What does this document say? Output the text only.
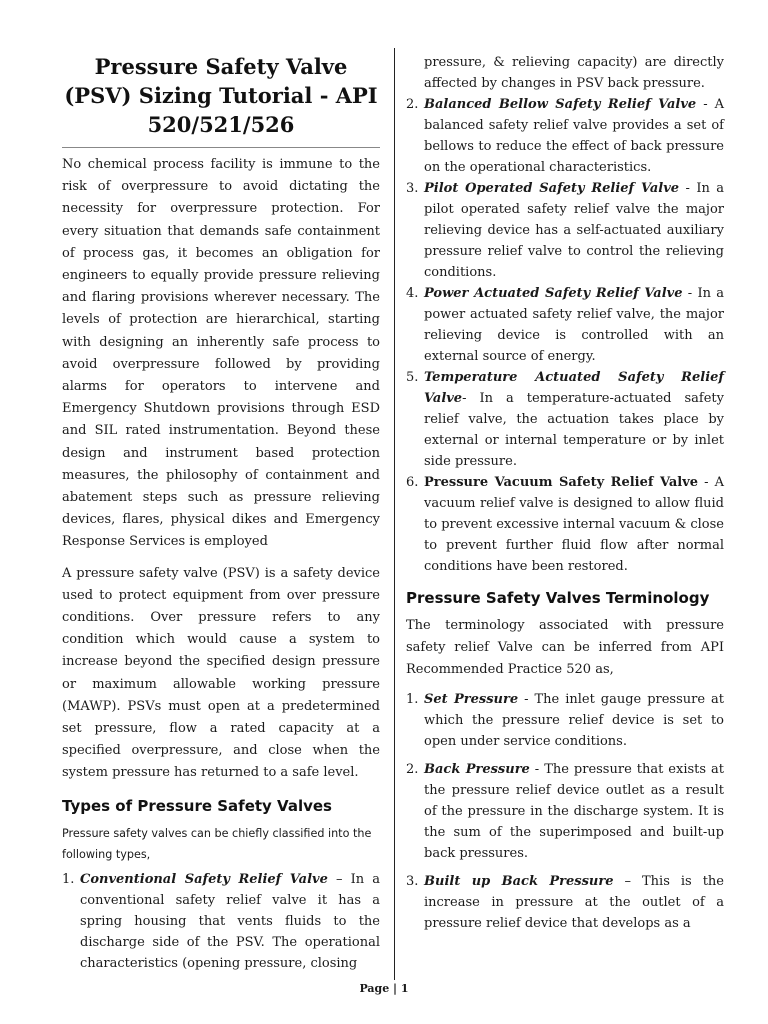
Pressure Safety Valve (PSV) Sizing Tutorial - API 520/521/526

No chemical process facility is immune to the risk of overpressure to avoid dictating the necessity for overpressure protection. For every situation that demands safe containment of process gas, it becomes an obligation for engineers to equally provide pressure relieving and flaring provisions wherever necessary. The levels of protection are hierarchical, starting with designing an inherently safe process to avoid overpressure followed by providing alarms for operators to intervene and Emergency Shutdown provisions through ESD and SIL rated instrumentation. Beyond these design and instrument based protection measures, the philosophy of containment and abatement steps such as pressure relieving devices, flares, physical dikes and Emergency Response Services is employed

A pressure safety valve (PSV) is a safety device used to protect equipment from over pressure conditions. Over pressure refers to any condition which would cause a system to increase beyond the specified design pressure or maximum allowable working pressure (MAWP). PSVs must open at a predetermined set pressure, flow a rated capacity at a specified overpressure, and close when the system pressure has returned to a safe level.

Types of Pressure Safety Valves

Pressure safety valves can be chiefly classified into the following types,

1. Conventional Safety Relief Valve – In a conventional safety relief valve it has a spring housing that vents fluids to the discharge side of the PSV. The operational characteristics (opening pressure, closing
pressure, & relieving capacity) are directly affected by changes in PSV back pressure.
2. Balanced Bellow Safety Relief Valve - A balanced safety relief valve provides a set of bellows to reduce the effect of back pressure on the operational characteristics.
3. Pilot Operated Safety Relief Valve - In a pilot operated safety relief valve the major relieving device has a self-actuated auxiliary pressure relief valve to control the relieving conditions.
4. Power Actuated Safety Relief Valve - In a power actuated safety relief valve, the major relieving device is controlled with an external source of energy.
5. Temperature Actuated Safety Relief Valve- In a temperature-actuated safety relief valve, the actuation takes place by external or internal temperature or by inlet side pressure.
6. Pressure Vacuum Safety Relief Valve - A vacuum relief valve is designed to allow fluid to prevent excessive internal vacuum & close to prevent further fluid flow after normal conditions have been restored.
Pressure Safety Valves Terminology

The terminology associated with pressure safety relief Valve can be inferred from API Recommended Practice 520 as,

1. Set Pressure - The inlet gauge pressure at which the pressure relief device is set to open under service conditions.
2. Back Pressure - The pressure that exists at the pressure relief device outlet as a result of the pressure in the discharge system. It is the sum of the superimposed and built-up back pressures.
3. Built up Back Pressure – This is the increase in pressure at the outlet of a pressure relief device that develops as a
Page | 1
